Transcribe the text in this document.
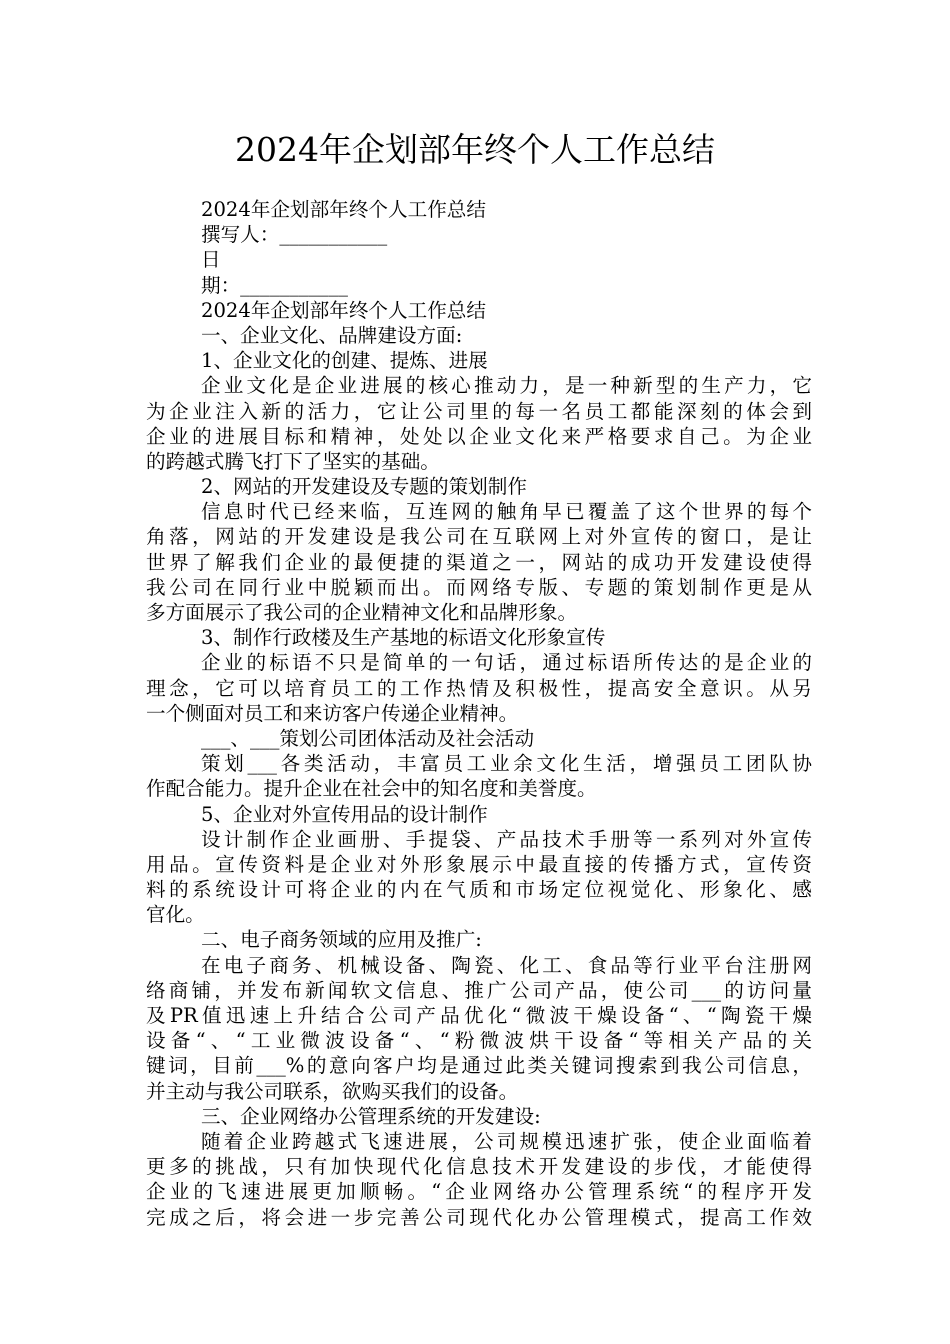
2024年企划部年终个人工作总结
2024年企划部年终个人工作总结
撰写人：___________
日
期：___________
2024年企划部年终个人工作总结
一、企业文化、品牌建设方面:
1、企业文化的创建、提炼、进展
企业文化是企业进展的核心推动力，是一种新型的生产力，它
为企业注入新的活力，它让公司里的每一名员工都能深刻的体会到
企业的进展目标和精神，处处以企业文化来严格要求自己。为企业
的跨越式腾飞打下了坚实的基础。
2、网站的开发建设及专题的策划制作
信息时代已经来临，互连网的触角早已覆盖了这个世界的每个
角落，网站的开发建设是我公司在互联网上对外宣传的窗口，是让
世界了解我们企业的最便捷的渠道之一，网站的成功开发建设使得
我公司在同行业中脱颖而出。而网络专版、专题的策划制作更是从
多方面展示了我公司的企业精神文化和品牌形象。
3、制作行政楼及生产基地的标语文化形象宣传
企业的标语不只是简单的一句话，通过标语所传达的是企业的
理念，它可以培育员工的工作热情及积极性，提高安全意识。从另
一个侧面对员工和来访客户传递企业精神。
___、___策划公司团体活动及社会活动
策划___各类活动，丰富员工业余文化生活，增强员工团队协
作配合能力。提升企业在社会中的知名度和美誉度。
5、企业对外宣传用品的设计制作
设计制作企业画册、手提袋、产品技术手册等一系列对外宣传
用品。宣传资料是企业对外形象展示中最直接的传播方式，宣传资
料的系统设计可将企业的内在气质和市场定位视觉化、形象化、感
官化。
二、电子商务领域的应用及推广:
在电子商务、机械设备、陶瓷、化工、食品等行业平台注册网
络商铺，并发布新闻软文信息、推广公司产品，使公司___的访问量
及PR值迅速上升结合公司产品优化“微波干燥设备“、“陶瓷干燥
设备“、“工业微波设备“、“粉微波烘干设备“等相关产品的关
键词，目前___%的意向客户均是通过此类关键词搜索到我公司信息，
并主动与我公司联系，欲购买我们的设备。
三、企业网络办公管理系统的开发建设:
随着企业跨越式飞速进展，公司规模迅速扩张，使企业面临着
更多的挑战，只有加快现代化信息技术开发建设的步伐，才能使得
企业的飞速进展更加顺畅。“企业网络办公管理系统“的程序开发
完成之后，将会进一步完善公司现代化办公管理模式，提高工作效
